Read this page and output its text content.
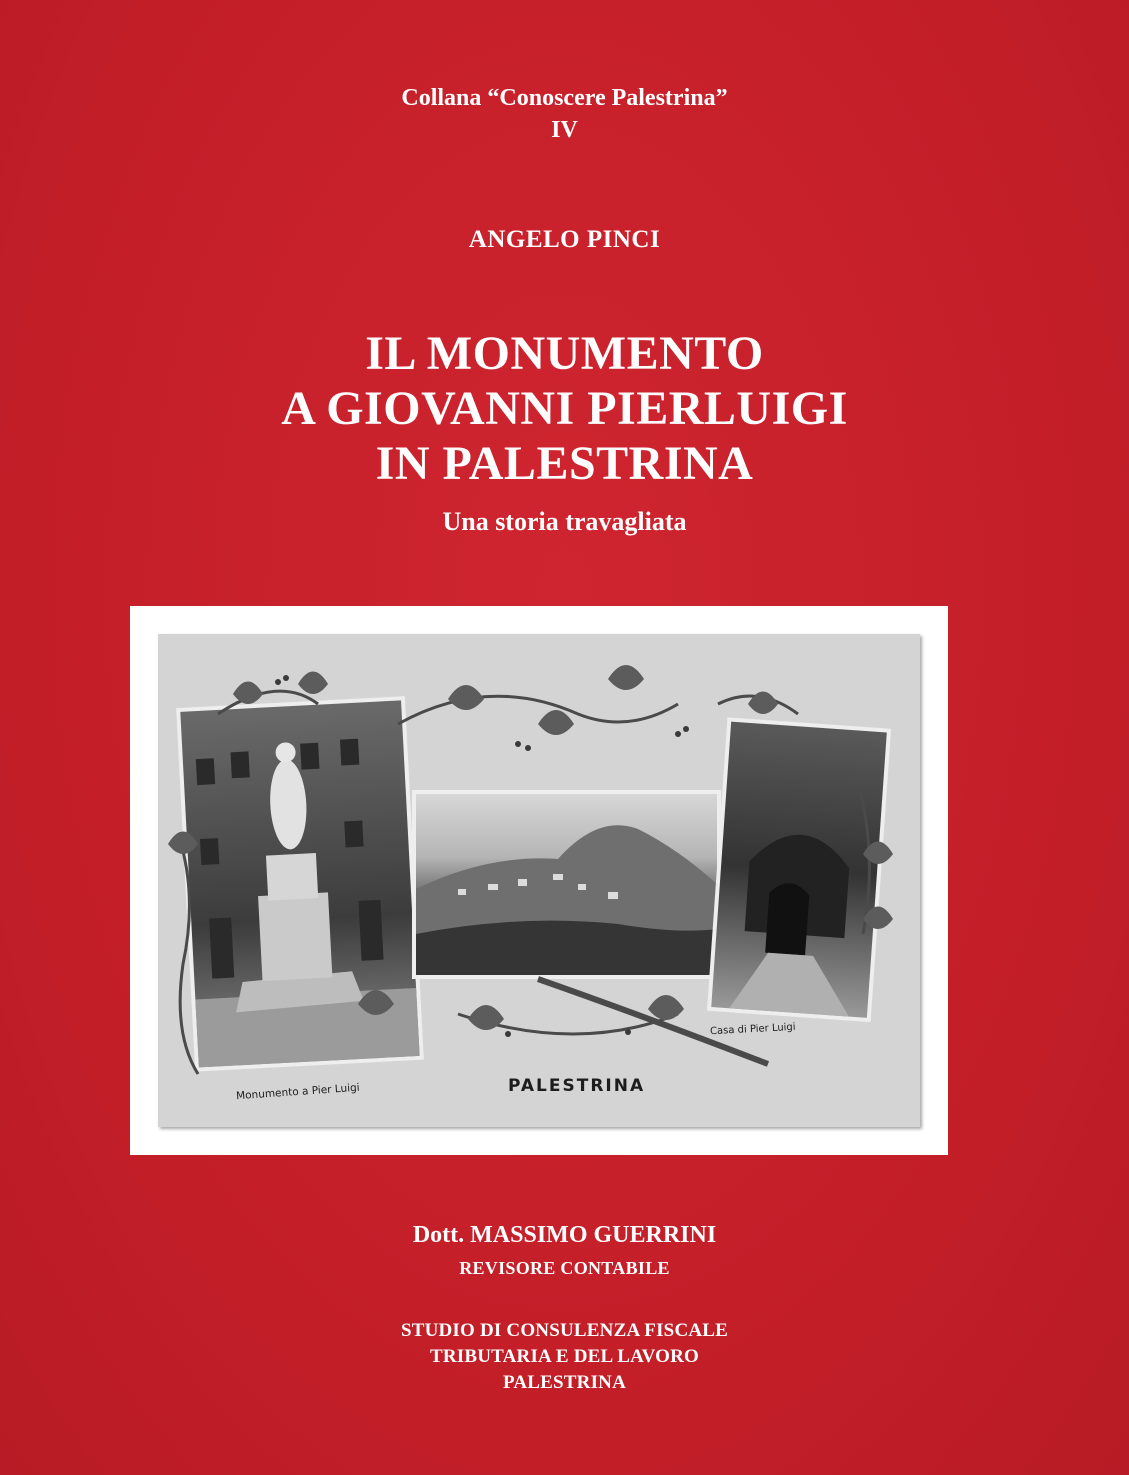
Collana “Conoscere Palestrina”
IV
ANGELO PINCI
IL MONUMENTO
A GIOVANNI PIERLUIGI
IN PALESTRINA
Una storia travagliata
Monumento a Pier Luigi
Casa di Pier Luigi
PALESTRINA
Dott. MASSIMO GUERRINI
REVISORE CONTABILE
STUDIO DI CONSULENZA FISCALE
TRIBUTARIA E DEL LAVORO
PALESTRINA
